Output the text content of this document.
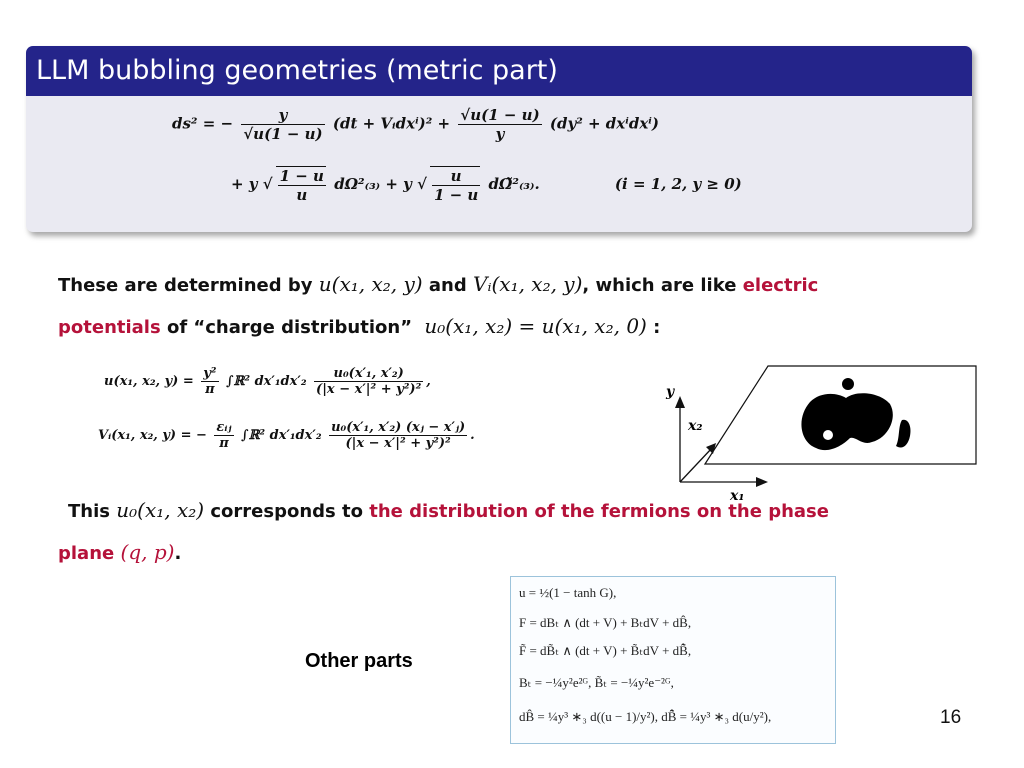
LLM bubbling geometries (metric part)
ds² = − $\frac{y}{√u(1 - u)} (dt$ + Vᵢdxⁱ)² + $\frac{√u(1 - u)}{y} (dy^2 + dx^idx^i)$
+ y √ $\frac{1 - u}{u} d\Omega^2_{(3)} + y$ √ $\frac{u}{1 - u}$ dΩ̃²₍₃₎.	(i = 1, 2, y ≥ 0)
These are determined by u(x₁, x₂, y) and Vᵢ(x₁, x₂, y), which are like electric
potentials of “charge distribution” u₀(x₁, x₂) = u(x₁, x₂, 0) :
u(x₁, x₂, $y) = \frac{\text{y²}}{\pi}$ ∫ℝ² $dx'_1dx'_2 \frac{\text{u₀(x′₁, x′₂)}}{\text{(|x − x′|² + y²)²}}$ ,
Vᵢ(x₁, x₂, y) = − $\frac{\text{εᵢⱼ}}{\pi}$ ∫ℝ² $dx'_1dx'_2 \frac{\text{u₀(x′₁, x′₂) (xⱼ − x′ⱼ)}}{\text{(|x − x′|² + y²)²}}$ .
y
x₂
x₁
This u₀(x₁, x₂) corresponds to the distribution of the fermions on the phase
plane (q, p).
Other parts
u = ½(1 − tanh G),
F = dBₜ ∧ (dt + V) + BₜdV + dB̂,
F̃ = dB̃ₜ ∧ (dt + V) + B̃ₜdV + dB̃̂,
Bₜ = −¼y²e²ᴳ, B̃ₜ = −¼y²e⁻²ᴳ,
dB̂ = ¼y³ ∗₃ d((u − 1)/y²), dB̃̂ = ¼y³ ∗₃ d(u/y²),	16
